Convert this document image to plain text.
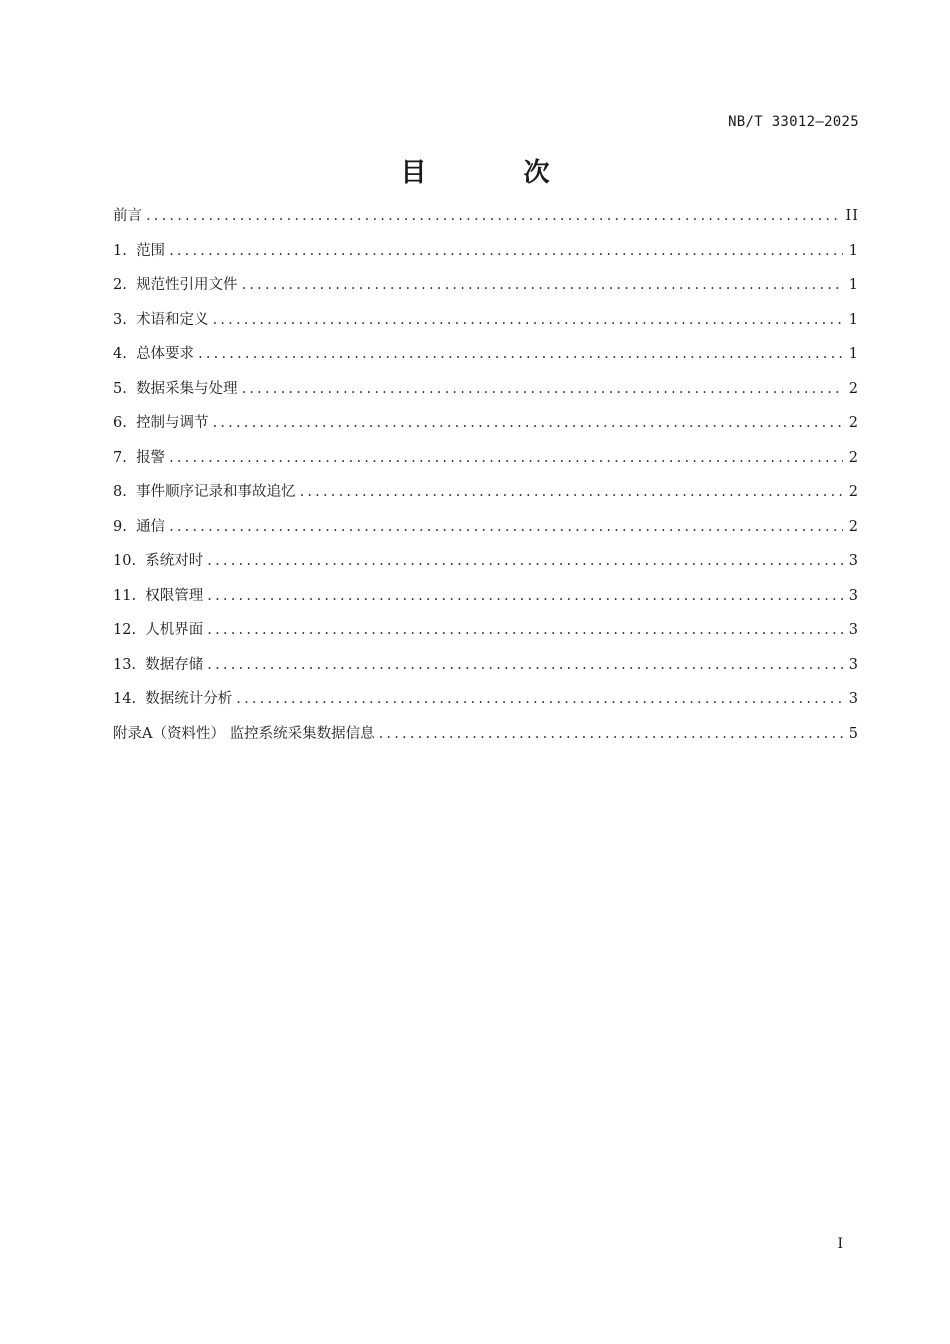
NB/T 33012—2025
目 次
前言 .....	II
1. 范围 .....	1
2. 规范性引用文件 .....	1
3. 术语和定义 .....	1
4. 总体要求 .....	1
5. 数据采集与处理 .....	2
6. 控制与调节 .....	2
7. 报警 .....	2
8. 事件顺序记录和事故追忆 .....	2
9. 通信 .....	2
10. 系统对时 .....	3
11. 权限管理 .....	3
12. 人机界面 .....	3
13. 数据存储 .....	3
14. 数据统计分析 .....	3
附录A（资料性） 监控系统采集数据信息 .....	5
I
